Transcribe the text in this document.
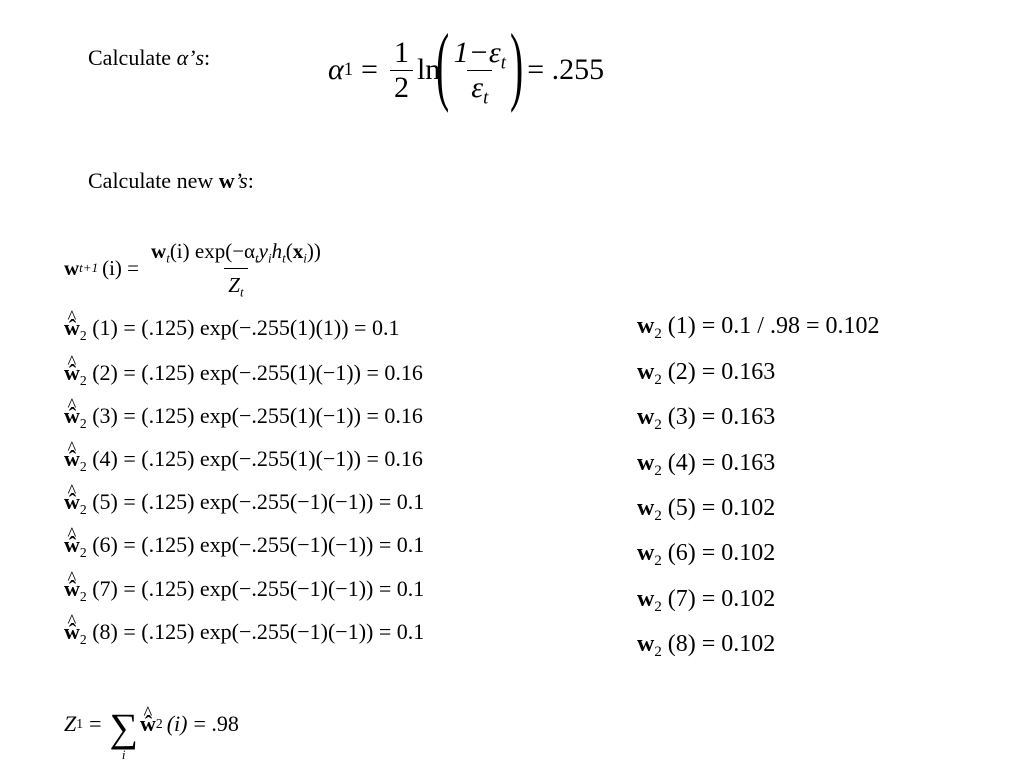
Calculate α’s:	α $1 = \frac{1}{2}$ ln
( $\frac{1-\varepsilon_t}{\varepsilon_t}$ ) = .255
Calculate new w’s:
w t+1 $(i) = \frac{w_t(i) \exp(-\alpha_ty_ih_t(x_i))}{Z_t}$
^ $ŵ_2$ (1) = (.125) exp(−.255(1)(1)) = 0.1
^ $ŵ_2$ (2) = (.125) exp(−.255(1)(−1)) = 0.16
^ $ŵ_2$ (3) = (.125) exp(−.255(1)(−1)) = 0.16
^ $ŵ_2$ (4) = (.125) exp(−.255(1)(−1)) = 0.16
^ $ŵ_2$ (5) = (.125) exp(−.255(−1)(−1)) = 0.1
^ $ŵ_2$ (6) = (.125) exp(−.255(−1)(−1)) = 0.1
^ $ŵ_2$ (7) = (.125) exp(−.255(−1)(−1)) = 0.1
^ $ŵ_2$ (8) = (.125) exp(−.255(−1)(−1)) = 0.1
$w_2$ (1) = 0.1 / .98 = 0.102
$w_2$ (2) = 0.163
$w_2$ (3) = 0.163
$w_2$ (4) = 0.163
$w_2$ (5) = 0.102
$w_2$ (6) = 0.102
$w_2$ (7) = 0.102
$w_2$ (8) = 0.102
Z 1 = ∑
i
^ ŵ 2 (i) = .98
